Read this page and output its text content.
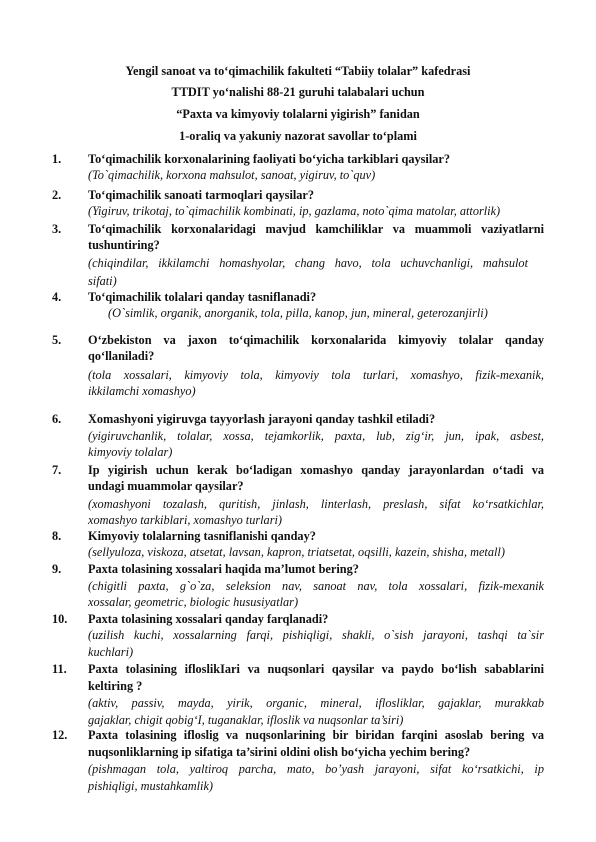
Yengil sanoat va to‘qimachilik fakulteti “Tabiiy tolalar” kafedrasi
TTDIT yo‘nalishi 88-21 guruhi talabalari uchun
“Paxta va kimyoviy tolalarni yigirish” fanidan
1-oraliq va yakuniy nazorat savollar to‘plami
1.	To‘qimachilik korxonalarining faoliyati bo‘yicha tarkiblari qaysilar?
(To`qimachilik, korxona mahsulot, sanoat, yigiruv, to`quv)
2.	To‘qimachilik sanoati tarmoqlari qaysilar?
(Yigiruv, trikotaj, to`qimachilik kombinati, ip, gazlama, noto`qima matolar, attorlik)
3.	To‘qimachilik korxonalaridagi mavjud kamchiliklar va muammoli vaziyatlarni
tushuntiring?
(chiqindilar, ikkilamchi homashyolar, chang havo, tola uchuvchanligi, mahsulot
sifati)
4.	To‘qimachilik tolalari qanday tasniflanadi?
(O`simlik, organik, anorganik, tola, pilla, kanop, jun, mineral, geterozanjirli)
5.	O‘zbekiston va jaxon to‘qimachilik korxonalarida kimyoviy tolalar qanday
qo‘llaniladi?
(tola xossalari, kimyoviy tola, kimyoviy tola turlari, xomashyo, fizik-mexanik,
ikkilamchi xomashyo)
6.	Xomashyoni yigiruvga tayyorlash jarayoni qanday tashkil etiladi?
(yigiruvchanlik, tolalar, xossa, tejamkorlik, paxta, lub, zig‘ir, jun, ipak, asbest,
kimyoviy tolalar)
7.	Ip yigirish uchun kerak bo‘ladigan xomashyo qanday jarayonlardan o‘tadi va
undagi muammolar qaysilar?
(xomashyoni tozalash, quritish, jinlash, linterlash, preslash, sifat ko‘rsatkichlar,
xomashyo tarkiblari, xomashyo turlari)
8.	Kimyoviy tolalarning tasniflanishi qanday?
(sellyuloza, viskoza, atsetat, lavsan, kapron, triatsetat, oqsilli, kazein, shisha, metall)
9.	Paxta tolasining xossalari haqida ma’lumot bering?
(chigitli paxta, g`o`za, seleksion nav, sanoat nav, tola xossalari, fizik-mexanik
xossalar, geometric, biologic hususiyatlar)
10.	Paxta tolasining xossalari qanday farqlanadi?
(uzilish kuchi, xossalarning farqi, pishiqligi, shakli, o`sish jarayoni, tashqi ta`sir
kuchlari)
11.	Paxta tolasining ifloslikIari va nuqsonlari qaysilar va paydo bo‘lish sabablarini
keltiring ?
(aktiv, passiv, mayda, yirik, organic, mineral, iflosliklar, gajaklar, murakkab
gajaklar, chigit qobig‘I, tuganaklar, ifloslik va nuqsonlar ta’siri)
12.	Paxta tolasining ifloslig va nuqsonlarining bir biridan farqini asoslab bering va
nuqsonliklarning ip sifatiga ta’sirini oldini olish bo‘yicha yechim bering?
(pishmagan tola, yaltiroq parcha, mato, bo’yash jarayoni, sifat ko‘rsatkichi, ip
pishiqligi, mustahkamlik)
